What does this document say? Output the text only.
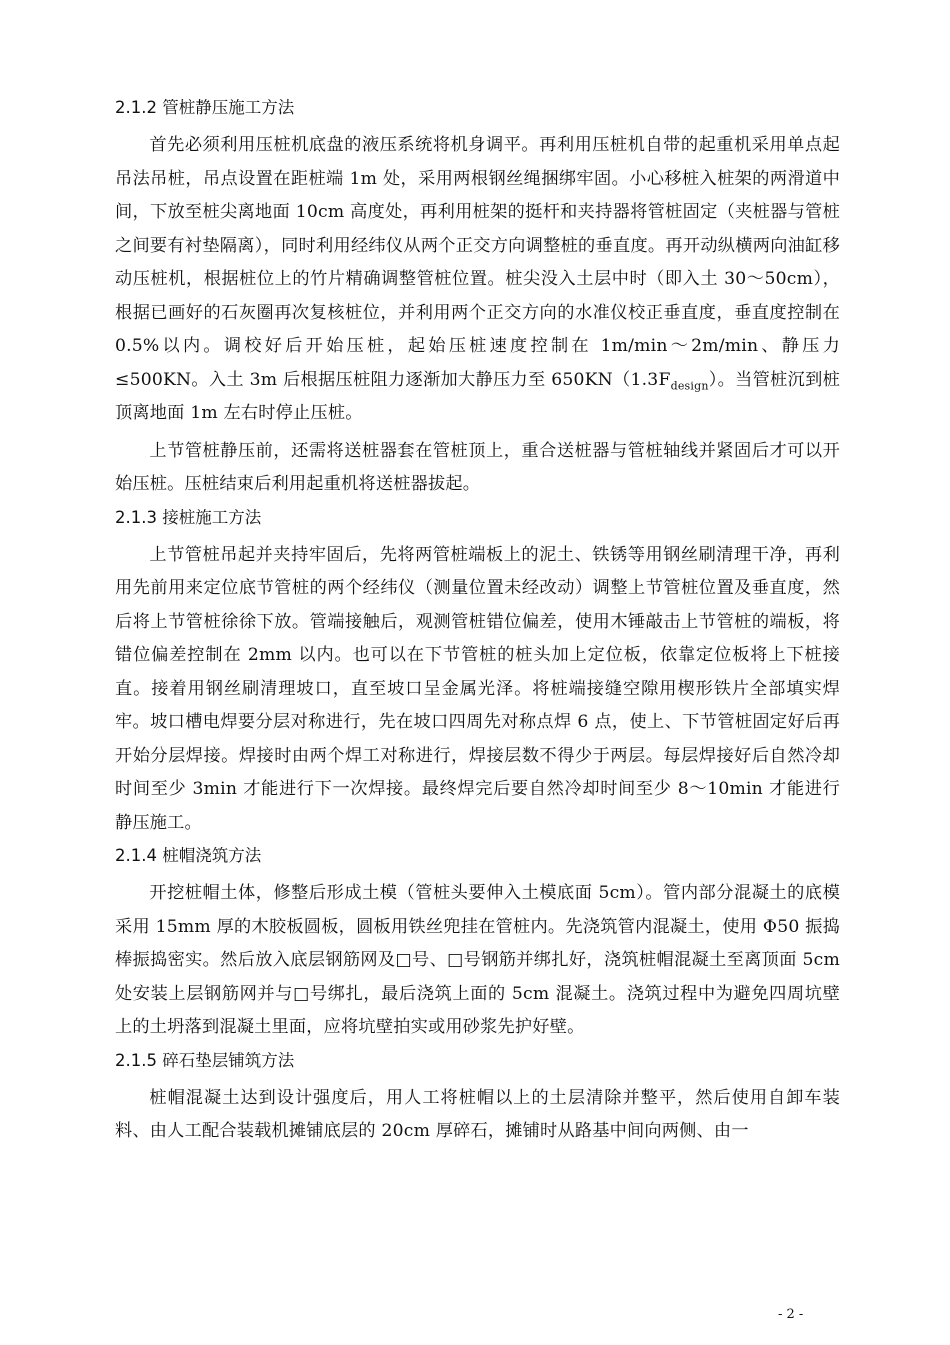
2.1.2 管桩静压施工方法

首先必须利用压桩机底盘的液压系统将机身调平。再利用压桩机自带的起重机采用单点起吊法吊桩，吊点设置在距桩端 1m 处，采用两根钢丝绳捆绑牢固。小心移桩入桩架的两滑道中间，下放至桩尖离地面 10cm 高度处，再利用桩架的挺杆和夹持器将管桩固定（夹桩器与管桩之间要有衬垫隔离），同时利用经纬仪从两个正交方向调整桩的垂直度。再开动纵横两向油缸移动压桩机，根据桩位上的竹片精确调整管桩位置。桩尖没入土层中时（即入土 30～50cm），根据已画好的石灰圈再次复核桩位，并利用两个正交方向的水准仪校正垂直度，垂直度控制在 0.5%以内。调校好后开始压桩，起始压桩速度控制在 1m/min～2m/min、静压力≤500KN。入土 3m 后根据压桩阻力逐渐加大静压力至 $650KN(1.3F_{design})$。当管桩沉到桩顶离地面 1m 左右时停止压桩。

上节管桩静压前，还需将送桩器套在管桩顶上，重合送桩器与管桩轴线并紧固后才可以开始压桩。压桩结束后利用起重机将送桩器拔起。

2.1.3 接桩施工方法

上节管桩吊起并夹持牢固后，先将两管桩端板上的泥土、铁锈等用钢丝刷清理干净，再利用先前用来定位底节管桩的两个经纬仪（测量位置未经改动）调整上节管桩位置及垂直度，然后将上节管桩徐徐下放。管端接触后，观测管桩错位偏差，使用木锤敲击上节管桩的端板，将错位偏差控制在 2mm 以内。也可以在下节管桩的桩头加上定位板，依靠定位板将上下桩接直。接着用钢丝刷清理坡口，直至坡口呈金属光泽。将桩端接缝空隙用楔形铁片全部填实焊牢。坡口槽电焊要分层对称进行，先在坡口四周先对称点焊 6 点，使上、下节管桩固定好后再开始分层焊接。焊接时由两个焊工对称进行，焊接层数不得少于两层。每层焊接好后自然冷却时间至少 3min 才能进行下一次焊接。最终焊完后要自然冷却时间至少 8～10min 才能进行静压施工。

2.1.4 桩帽浇筑方法

开挖桩帽土体，修整后形成土模（管桩头要伸入土模底面 5cm）。管内部分混凝土的底模采用 15mm 厚的木胶板圆板，圆板用铁丝兜挂在管桩内。先浇筑管内混凝土，使用 Φ50 振捣棒振捣密实。然后放入底层钢筋网及□号、□号钢筋并绑扎好，浇筑桩帽混凝土至离顶面 5cm 处安装上层钢筋网并与□号绑扎，最后浇筑上面的 5cm 混凝土。浇筑过程中为避免四周坑壁上的土坍落到混凝土里面，应将坑壁拍实或用砂浆先护好壁。

2.1.5 碎石垫层铺筑方法

桩帽混凝土达到设计强度后，用人工将桩帽以上的土层清除并整平，然后使用自卸车装料、由人工配合装载机摊铺底层的 20cm 厚碎石，摊铺时从路基中间向两侧、由一

- 2 -
